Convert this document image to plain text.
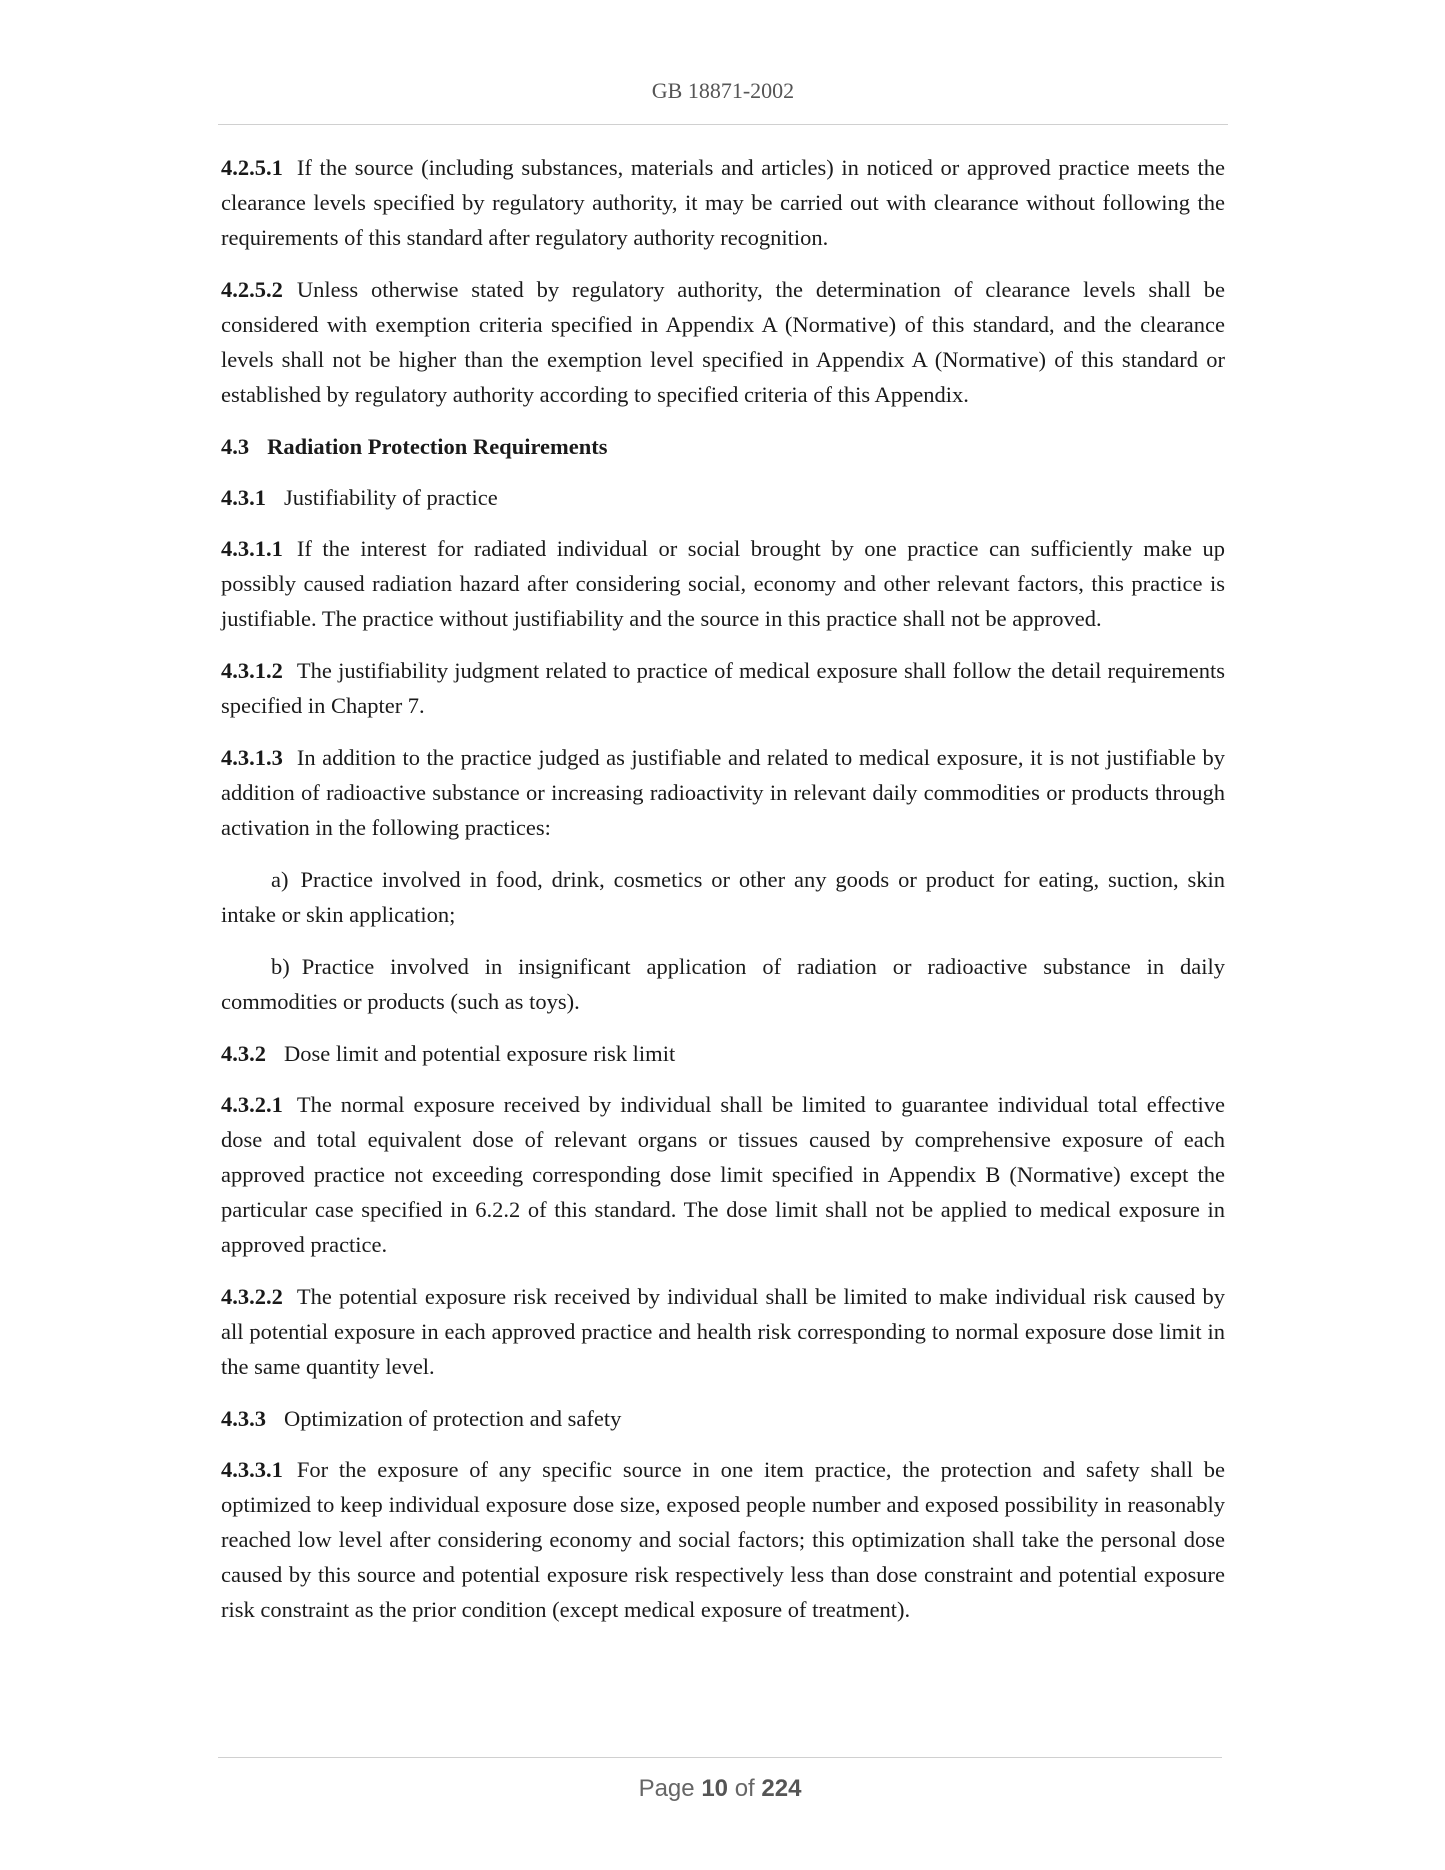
GB 18871-2002

4.2.5.1 If the source (including substances, materials and articles) in noticed or approved practice meets the clearance levels specified by regulatory authority, it may be carried out with clearance without following the requirements of this standard after regulatory authority recognition.

4.2.5.2 Unless otherwise stated by regulatory authority, the determination of clearance levels shall be considered with exemption criteria specified in Appendix A (Normative) of this standard, and the clearance levels shall not be higher than the exemption level specified in Appendix A (Normative) of this standard or established by regulatory authority according to specified criteria of this Appendix.

4.3 Radiation Protection Requirements

4.3.1 Justifiability of practice

4.3.1.1 If the interest for radiated individual or social brought by one practice can sufficiently make up possibly caused radiation hazard after considering social, economy and other relevant factors, this practice is justifiable. The practice without justifiability and the source in this practice shall not be approved.

4.3.1.2 The justifiability judgment related to practice of medical exposure shall follow the detail requirements specified in Chapter 7.

4.3.1.3 In addition to the practice judged as justifiable and related to medical exposure, it is not justifiable by addition of radioactive substance or increasing radioactivity in relevant daily commodities or products through activation in the following practices:

a) Practice involved in food, drink, cosmetics or other any goods or product for eating, suction, skin intake or skin application;

b) Practice involved in insignificant application of radiation or radioactive substance in daily commodities or products (such as toys).

4.3.2 Dose limit and potential exposure risk limit

4.3.2.1 The normal exposure received by individual shall be limited to guarantee individual total effective dose and total equivalent dose of relevant organs or tissues caused by comprehensive exposure of each approved practice not exceeding corresponding dose limit specified in Appendix B (Normative) except the particular case specified in 6.2.2 of this standard. The dose limit shall not be applied to medical exposure in approved practice.

4.3.2.2 The potential exposure risk received by individual shall be limited to make individual risk caused by all potential exposure in each approved practice and health risk corresponding to normal exposure dose limit in the same quantity level.

4.3.3 Optimization of protection and safety

4.3.3.1 For the exposure of any specific source in one item practice, the protection and safety shall be optimized to keep individual exposure dose size, exposed people number and exposed possibility in reasonably reached low level after considering economy and social factors; this optimization shall take the personal dose caused by this source and potential exposure risk respectively less than dose constraint and potential exposure risk constraint as the prior condition (except medical exposure of treatment).

Page 10 of 224
